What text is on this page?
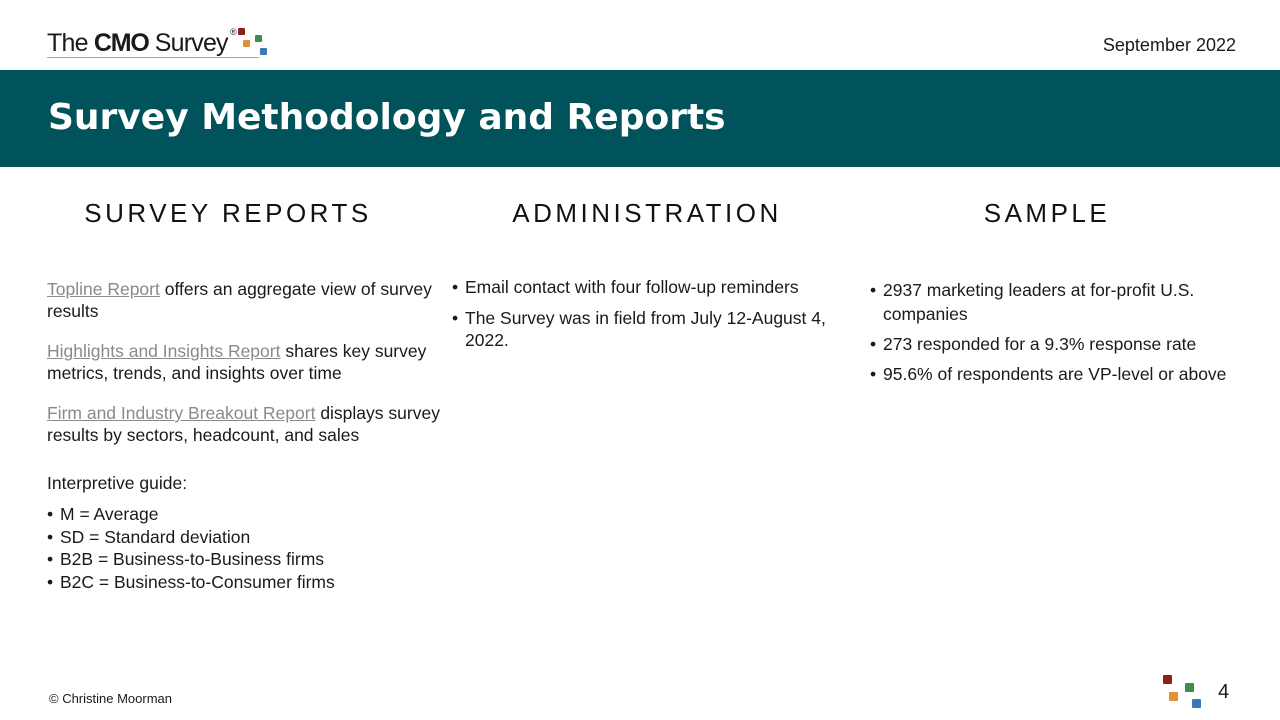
The CMO Survey ®
September 2022
Survey Methodology and Reports
SURVEY REPORTS	ADMINISTRATION	SAMPLE
Topline Report offers an aggregate view of survey results
Highlights and Insights Report shares key survey metrics, trends, and insights over time
Firm and Industry Breakout Report displays survey results by sectors, headcount, and sales
Interpretive guide:
• M = Average
• SD = Standard deviation
• B2B = Business-to-Business firms
• B2C = Business-to-Consumer firms
• Email contact with four follow-up reminders
• The Survey was in field from July 12-August 4, 2022.
• 2937 marketing leaders at for-profit U.S. companies
• 273 responded for a 9.3% response rate
• 95.6% of respondents are VP-level or above
© Christine Moorman	4
